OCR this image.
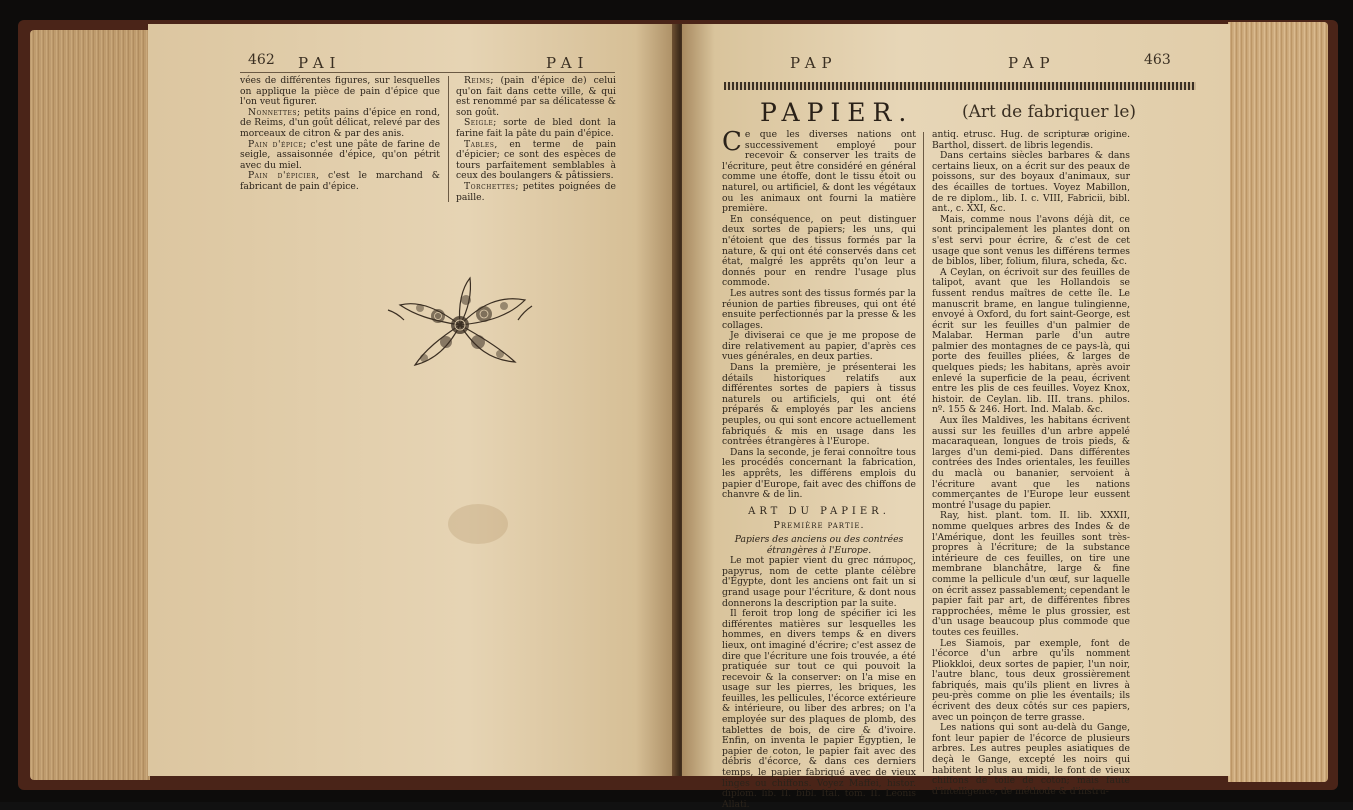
462 PAI	PAI

vées de différentes figures, sur lesquelles on applique la pièce de pain d'épice que l'on veut figurer.

Nonnettes; petits pains d'épice en rond, de Reims, d'un goût délicat, relevé par des morceaux de citron & par des anis.

Pain d'épice; c'est une pâte de farine de seigle, assaisonnée d'épice, qu'on pétrit avec du miel.

Pain d'épicier, c'est le marchand & fabricant de pain d'épice.

Reims; (pain d'épice de) celui qu'on fait dans cette ville, & qui est renommé par sa délicatesse & son goût.

Seigle; sorte de bled dont la farine fait la pâte du pain d'épice.

Tables, en terme de pain d'épicier; ce sont des espèces de tours parfaitement semblables à ceux des boulangers & pâtissiers.

Torchettes; petites poignées de paille.

PAP	PAP	463
PAPIER.	(Art de fabriquer le)

Ce que les diverses nations ont successivement employé pour recevoir & conserver les traits de l'écriture, peut être considéré en général comme une étoffe, dont le tissu étoit ou naturel, ou artificiel, & dont les végétaux ou les animaux ont fourni la matière première.

En conséquence, on peut distinguer deux sortes de papiers; les uns, qui n'étoient que des tissus formés par la nature, & qui ont été conservés dans cet état, malgré les apprêts qu'on leur a donnés pour en rendre l'usage plus commode.

Les autres sont des tissus formés par la réunion de parties fibreuses, qui ont été ensuite perfectionnés par la presse & les collages.

Je diviserai ce que je me propose de dire relativement au papier, d'après ces vues générales, en deux parties.

Dans la première, je présenterai les détails historiques relatifs aux différentes sortes de papiers à tissus naturels ou artificiels, qui ont été préparés & employés par les anciens peuples, ou qui sont encore actuellement fabriqués & mis en usage dans les contrées étrangères à l'Europe.

Dans la seconde, je ferai connoître tous les procédés concernant la fabrication, les apprêts, les différens emplois du papier d'Europe, fait avec des chiffons de chanvre & de lin.

ART DU PAPIER.

Première partie.

Papiers des anciens ou des contrées étrangères à l'Europe.

Le mot papier vient du grec πάπυρος, papyrus, nom de cette plante célèbre d'Égypte, dont les anciens ont fait un si grand usage pour l'écriture, & dont nous donnerons la description par la suite.

Il feroit trop long de spécifier ici les différentes matières sur lesquelles les hommes, en divers temps & en divers lieux, ont imaginé d'écrire; c'est assez de dire que l'écriture une fois trouvée, a été pratiquée sur tout ce qui pouvoit la recevoir & la conserver: on l'a mise en usage sur les pierres, les briques, les feuilles, les pellicules, l'écorce extérieure & intérieure, ou liber des arbres; on l'a employée sur des plaques de plomb, des tablettes de bois, de cire & d'ivoire. Enfin, on inventa le papier Égyptien, le papier de coton, le papier fait avec des débris d'écorce, & dans ces derniers temps, le papier fabriqué avec de vieux linges ou chiffons. Voyez Maffei, histor. diplom. lib. II. bibl. Ital. tom. II. Leonis Allati.

antiq. etrusc. Hug. de scripturæ origine. Barthol, dissert. de libris legendis.

Dans certains siècles barbares & dans certains lieux, on a écrit sur des peaux de poissons, sur des boyaux d'animaux, sur des écailles de tortues. Voyez Mabillon, de re diplom., lib. I. c. VIII, Fabricii, bibl. ant., c. XXI, &c.

Mais, comme nous l'avons déjà dit, ce sont principalement les plantes dont on s'est servi pour écrire, & c'est de cet usage que sont venus les différens termes de biblos, liber, folium, filura, scheda, &c.

A Ceylan, on écrivoit sur des feuilles de talipot, avant que les Hollandois se fussent rendus maîtres de cette île. Le manuscrit brame, en langue tulingienne, envoyé à Oxford, du fort saint-George, est écrit sur les feuilles d'un palmier de Malabar. Herman parle d'un autre palmier des montagnes de ce pays-là, qui porte des feuilles pliées, & larges de quelques pieds; les habitans, après avoir enlevé la superficie de la peau, écrivent entre les plis de ces feuilles. Voyez Knox, histoir. de Ceylan. lib. III. trans. philos. nº. 155 & 246. Hort. Ind. Malab. &c.

Aux îles Maldives, les habitans écrivent aussi sur les feuilles d'un arbre appelé macaraquean, longues de trois pieds, & larges d'un demi-pied. Dans différentes contrées des Indes orientales, les feuilles du maclà ou bananier, servoient à l'écriture avant que les nations commerçantes de l'Europe leur eussent montré l'usage du papier.

Ray, hist. plant. tom. II. lib. XXXII, nomme quelques arbres des Indes & de l'Amérique, dont les feuilles sont très-propres à l'écriture; de la substance intérieure de ces feuilles, on tire une membrane blanchâtre, large & fine comme la pellicule d'un œuf, sur laquelle on écrit assez passablement; cependant le papier fait par art, de différentes fibres rapprochées, même le plus grossier, est d'un usage beaucoup plus commode que toutes ces feuilles.

Les Siamois, par exemple, font de l'écorce d'un arbre qu'ils nomment Pliokkloi, deux sortes de papier, l'un noir, l'autre blanc, tous deux grossièrement fabriqués, mais qu'ils plient en livres à peu-près comme on plie les éventails; ils écrivent des deux côtés sur ces papiers, avec un poinçon de terre grasse.

Les nations qui sont au-delà du Gange, font leur papier de l'écorce de plusieurs arbres. Les autres peuples asiatiques de deçà le Gange, excepté les noirs qui habitent le plus au midi, le font de vieux chiffons de toile de coton; mais faute d'intelligence, de méthode & d'instru-
